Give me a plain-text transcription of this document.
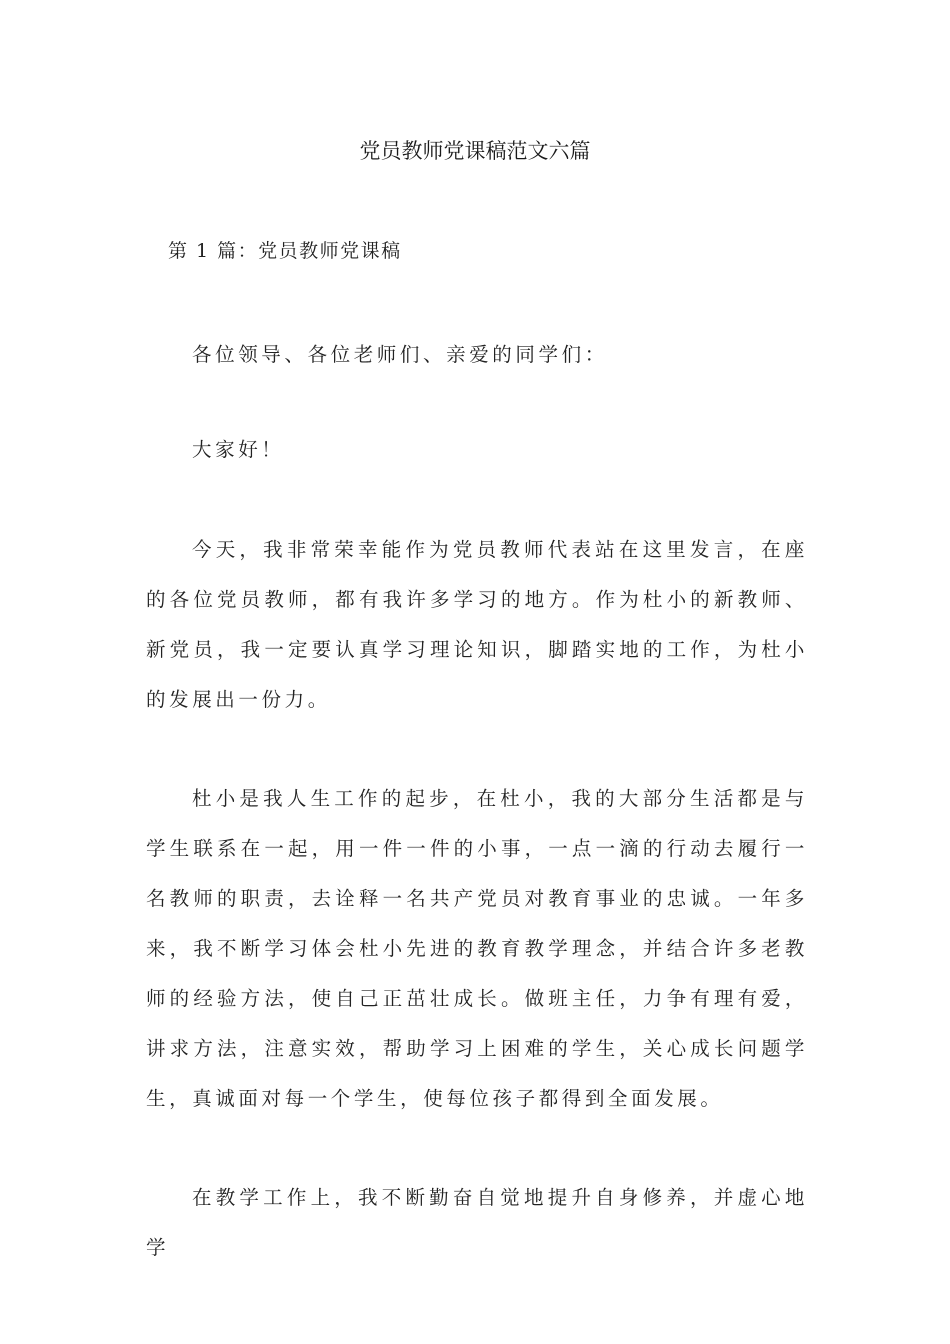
党员教师党课稿范文六篇
第 1 篇：党员教师党课稿

各位领导、各位老师们、亲爱的同学们：

大家好！

今天，我非常荣幸能作为党员教师代表站在这里发言，在座的各位党员教师，都有我许多学习的地方。作为杜小的新教师、新党员，我一定要认真学习理论知识，脚踏实地的工作，为杜小的发展出一份力。

杜小是我人生工作的起步，在杜小，我的大部分生活都是与学生联系在一起，用一件一件的小事，一点一滴的行动去履行一名教师的职责，去诠释一名共产党员对教育事业的忠诚。一年多来，我不断学习体会杜小先进的教育教学理念，并结合许多老教师的经验方法，使自己正茁壮成长。做班主任，力争有理有爱，讲求方法，注意实效，帮助学习上困难的学生，关心成长问题学生，真诚面对每一个学生，使每位孩子都得到全面发展。

在教学工作上，我不断勤奋自觉地提升自身修养，并虚心地学
